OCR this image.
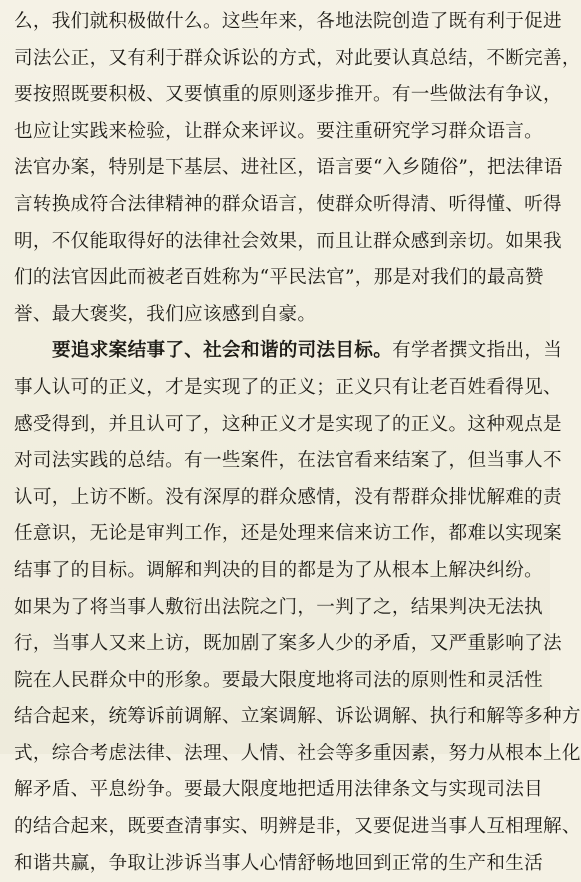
么，我们就积极做什么。这些年来，各地法院创造了既有利于促进
司法公正，又有利于群众诉讼的方式，对此要认真总结，不断完善，
要按照既要积极、又要慎重的原则逐步推开。有一些做法有争议，
也应让实践来检验，让群众来评议。要注重研究学习群众语言。
法官办案，特别是下基层、进社区，语言要“入乡随俗”，把法律语
言转换成符合法律精神的群众语言，使群众听得清、听得懂、听得
明，不仅能取得好的法律社会效果，而且让群众感到亲切。如果我
们的法官因此而被老百姓称为“平民法官”，那是对我们的最高赞
誉、最大褒奖，我们应该感到自豪。
要追求案结事了、社会和谐的司法目标。有学者撰文指出，当
事人认可的正义，才是实现了的正义；正义只有让老百姓看得见、
感受得到，并且认可了，这种正义才是实现了的正义。这种观点是
对司法实践的总结。有一些案件，在法官看来结案了，但当事人不
认可，上访不断。没有深厚的群众感情，没有帮群众排忧解难的责
任意识，无论是审判工作，还是处理来信来访工作，都难以实现案
结事了的目标。调解和判决的目的都是为了从根本上解决纠纷。
如果为了将当事人敷衍出法院之门，一判了之，结果判决无法执
行，当事人又来上访，既加剧了案多人少的矛盾，又严重影响了法
院在人民群众中的形象。要最大限度地将司法的原则性和灵活性
结合起来，统筹诉前调解、立案调解、诉讼调解、执行和解等多种方
式，综合考虑法律、法理、人情、社会等多重因素，努力从根本上化
解矛盾、平息纷争。要最大限度地把适用法律条文与实现司法目
的结合起来，既要查清事实、明辨是非，又要促进当事人互相理解、
和谐共赢，争取让涉诉当事人心情舒畅地回到正常的生产和生活
